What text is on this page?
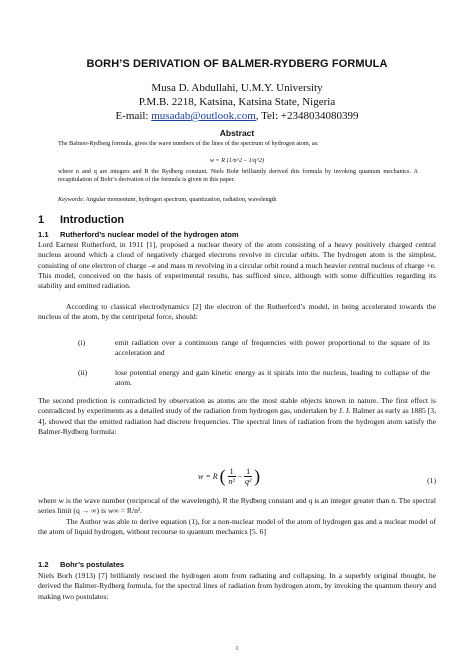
BORH’S DERIVATION OF BALMER-RYDBERG FORMULA
Musa D. Abdullahi, U.M.Y. University
P.M.B. 2218, Katsina, Katsina State, Nigeria
E-mail: musadab@outlook.com, Tel: +2348034080399
Abstract
The Balmer-Rydberg formula, gives the wave numbers of the lines of the spectrum of hydrogen atom, as:
w = R (1/n^2 – 1/q^2)
where n and q are integers and R the Rydberg constant. Niels Bohr brilliantly derived this formula by invoking quantum mechanics. A recapitulation of Bohr’s derivation of the formula is given in this paper.
Keywords: Angular momentum, hydrogen spectrum, quantization, radiation, wavelength
1 Introduction
1.1 Rutherford’s nuclear model of the hydrogen atom
Lord Earnest Rutherford, in 1911 [1], proposed a nuclear theory of the atom consisting of a heavy positively charged central nucleus around which a cloud of negatively charged electrons revolve in circular orbits. The hydrogen atom is the simplest, consisting of one electron of charge –e and mass m revolving in a circular orbit round a much heavier central nucleus of charge +e. This model, conceived on the basis of experimental results, has sufficed since, although with some difficulties regarding its stability and emitted radiation.
According to classical electrodynamics [2] the electron of the Rutherford’s model, in being accelerated towards the nucleus of the atom, by the centripetal force, should:
(i)	emit radiation over a continuous range of frequencies with power proportional to the square of its acceleration and
(ii)	lose potential energy and gain kinetic energy as it spirals into the nucleus, leading to collapse of the atom.
The second prediction is contradicted by observation as atoms are the most stable objects known in nature. The first effect is contradicted by experiments as a detailed study of the radiation from hydrogen gas, undertaken by J. J. Balmer as early as 1885 [3, 4], showed that the emitted radiation had discrete frequencies. The spectral lines of radiation from the hydrogen atom satisfy the Balmer-Rydberg formula:
w = R ( $\frac{1}{\text{n²}} - \frac{1}{\text{q²}}$ )	(1)
where w is the wave number (reciprocal of the wavelength), R the Rydberg constant and q is an integer greater than n. The spectral series limit (q → ∞) is w∞ = R/n².
The Author was able to derive equation (1), for a non-nuclear model of the atom of hydrogen gas and a nuclear model of the atom of liquid hydrogen, without recourse to quantum mechanics [5. 6]
1.2 Bohr’s postulates
Niels Borh (1913) [7] brilliantly rescued the hydrogen atom from radiating and collapsing. In a superbly original thought, he derived the Balmer-Rydberg formula, for the spectral lines of radiation from hydrogen atom, by invoking the quantum theory and making two postulates:
1
